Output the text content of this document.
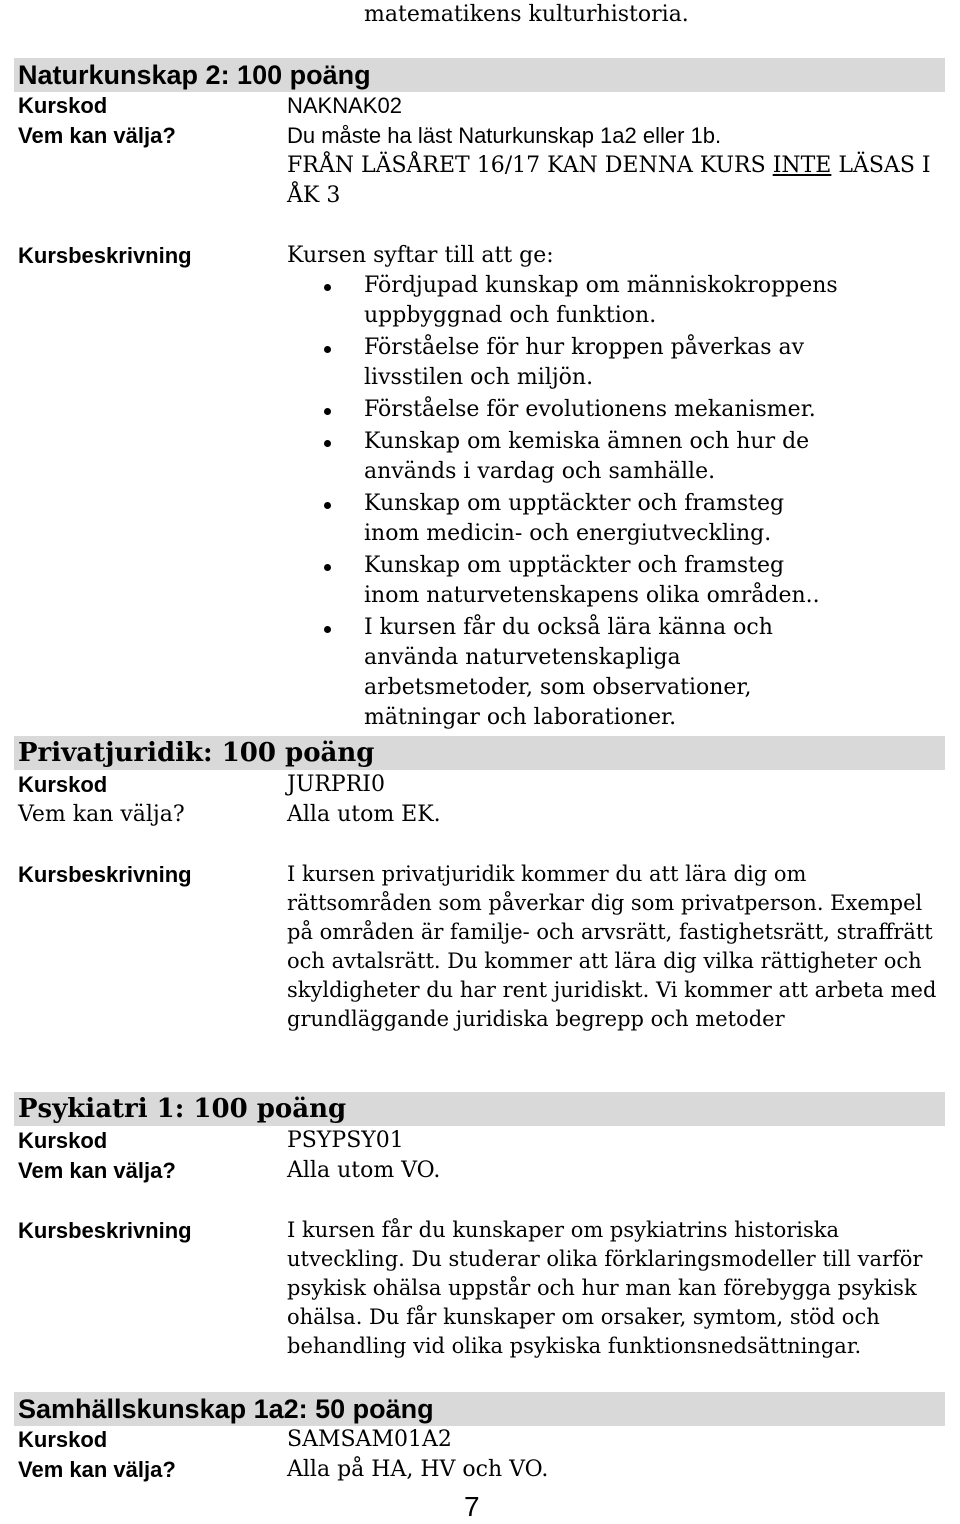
matematikens kulturhistoria.
Naturkunskap 2: 100 poäng
Kurskod	NAKNAK02
Vem kan välja?	Du måste ha läst Naturkunskap 1a2 eller 1b.
FRÅN LÄSÅRET 16/17 KAN DENNA KURS INTE LÄSAS I ÅK 3
Kursbeskrivning	Kursen syftar till att ge:
Fördjupad kunskap om människokroppens uppbyggnad och funktion.
Förståelse för hur kroppen påverkas av livsstilen och miljön.
Förståelse för evolutionens mekanismer.
Kunskap om kemiska ämnen och hur de används i vardag och samhälle.
Kunskap om upptäckter och framsteg inom medicin- och energiutveckling.
Kunskap om upptäckter och framsteg inom naturvetenskapens olika områden..
I kursen får du också lära känna och använda naturvetenskapliga arbetsmetoder, som observationer, mätningar och laborationer.
Privatjuridik: 100 poäng
Kurskod	JURPRI0
Vem kan välja?	Alla utom EK.
Kursbeskrivning	I kursen privatjuridik kommer du att lära dig om rättsområden som påverkar dig som privatperson. Exempel på områden är familje- och arvsrätt, fastighetsrätt, straffrätt och avtalsrätt. Du kommer att lära dig vilka rättigheter och skyldigheter du har rent juridiskt. Vi kommer att arbeta med grundläggande juridiska begrepp och metoder
Psykiatri 1: 100 poäng
Kurskod	PSYPSY01
Vem kan välja?	Alla utom VO.
Kursbeskrivning	I kursen får du kunskaper om psykiatrins historiska utveckling. Du studerar olika förklaringsmodeller till varför psykisk ohälsa uppstår och hur man kan förebygga psykisk ohälsa. Du får kunskaper om orsaker, symtom, stöd och behandling vid olika psykiska funktionsnedsättningar.
Samhällskunskap 1a2: 50 poäng
Kurskod	SAMSAM01A2
Vem kan välja?	Alla på HA, HV och VO.
7
